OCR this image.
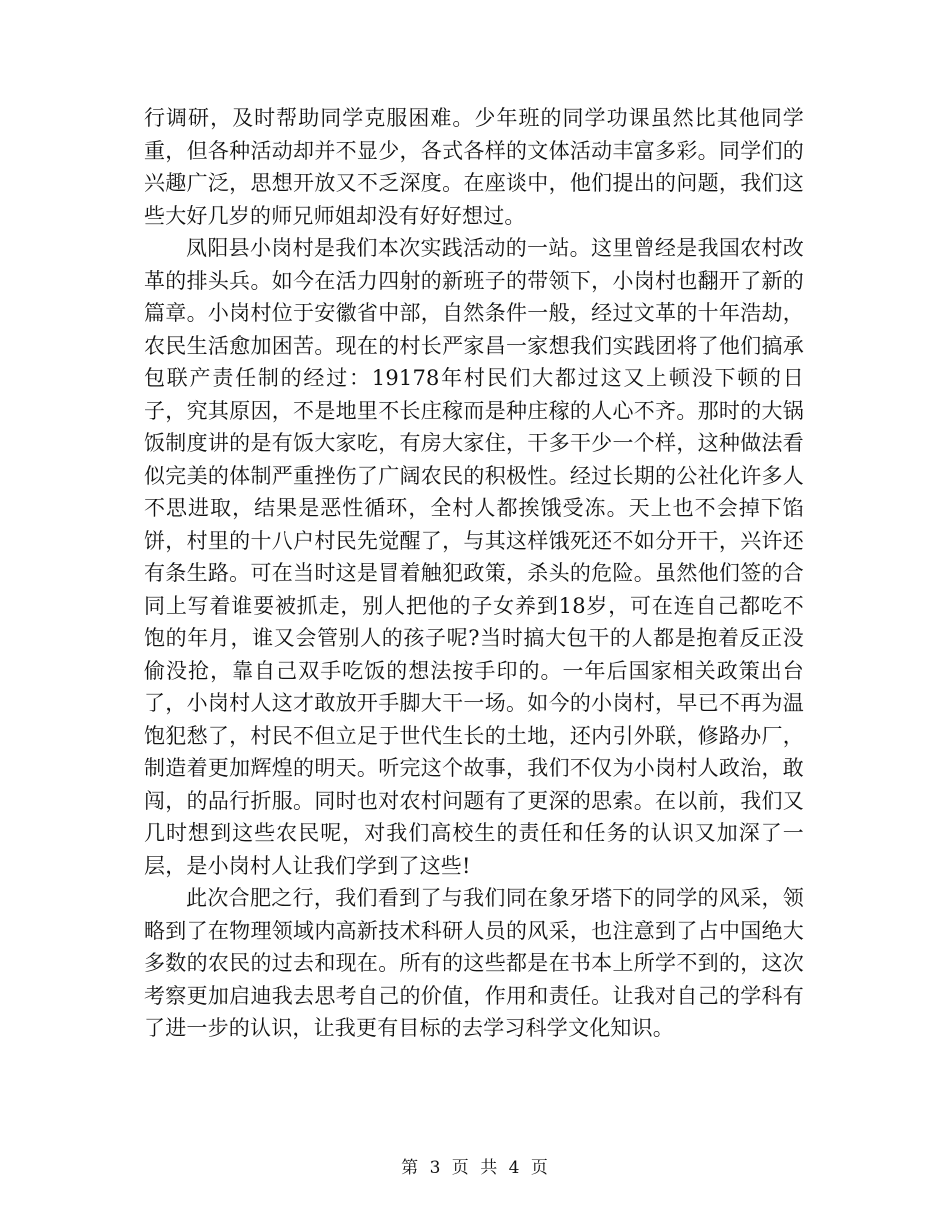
行调研，及时帮助同学克服困难。少年班的同学功课虽然比其他同学重，但各种活动却并不显少，各式各样的文体活动丰富多彩。同学们的兴趣广泛，思想开放又不乏深度。在座谈中，他们提出的问题，我们这些大好几岁的师兄师姐却没有好好想过。

凤阳县小岗村是我们本次实践活动的一站。这里曾经是我国农村改革的排头兵。如今在活力四射的新班子的带领下，小岗村也翻开了新的篇章。小岗村位于安徽省中部，自然条件一般，经过文革的十年浩劫，农民生活愈加困苦。现在的村长严家昌一家想我们实践团将了他们搞承包联产责任制的经过：19178年村民们大都过这又上顿没下顿的日子，究其原因，不是地里不长庄稼而是种庄稼的人心不齐。那时的大锅饭制度讲的是有饭大家吃，有房大家住，干多干少一个样，这种做法看似完美的体制严重挫伤了广阔农民的积极性。经过长期的公社化许多人不思进取，结果是恶性循环，全村人都挨饿受冻。天上也不会掉下馅饼，村里的十八户村民先觉醒了，与其这样饿死还不如分开干，兴许还有条生路。可在当时这是冒着触犯政策，杀头的危险。虽然他们签的合同上写着谁要被抓走，别人把他的子女养到18岁，可在连自己都吃不饱的年月，谁又会管别人的孩子呢?当时搞大包干的人都是抱着反正没偷没抢，靠自己双手吃饭的想法按手印的。一年后国家相关政策出台了，小岗村人这才敢放开手脚大干一场。如今的小岗村，早已不再为温饱犯愁了，村民不但立足于世代生长的土地，还内引外联，修路办厂，制造着更加辉煌的明天。听完这个故事，我们不仅为小岗村人政治，敢闯，的品行折服。同时也对农村问题有了更深的思索。在以前，我们又几时想到这些农民呢，对我们高校生的责任和任务的认识又加深了一层，是小岗村人让我们学到了这些!

此次合肥之行，我们看到了与我们同在象牙塔下的同学的风采，领略到了在物理领域内高新技术科研人员的风采，也注意到了占中国绝大多数的农民的过去和现在。所有的这些都是在书本上所学不到的，这次考察更加启迪我去思考自己的价值，作用和责任。让我对自己的学科有了进一步的认识，让我更有目标的去学习科学文化知识。

第 3 页 共 4 页
